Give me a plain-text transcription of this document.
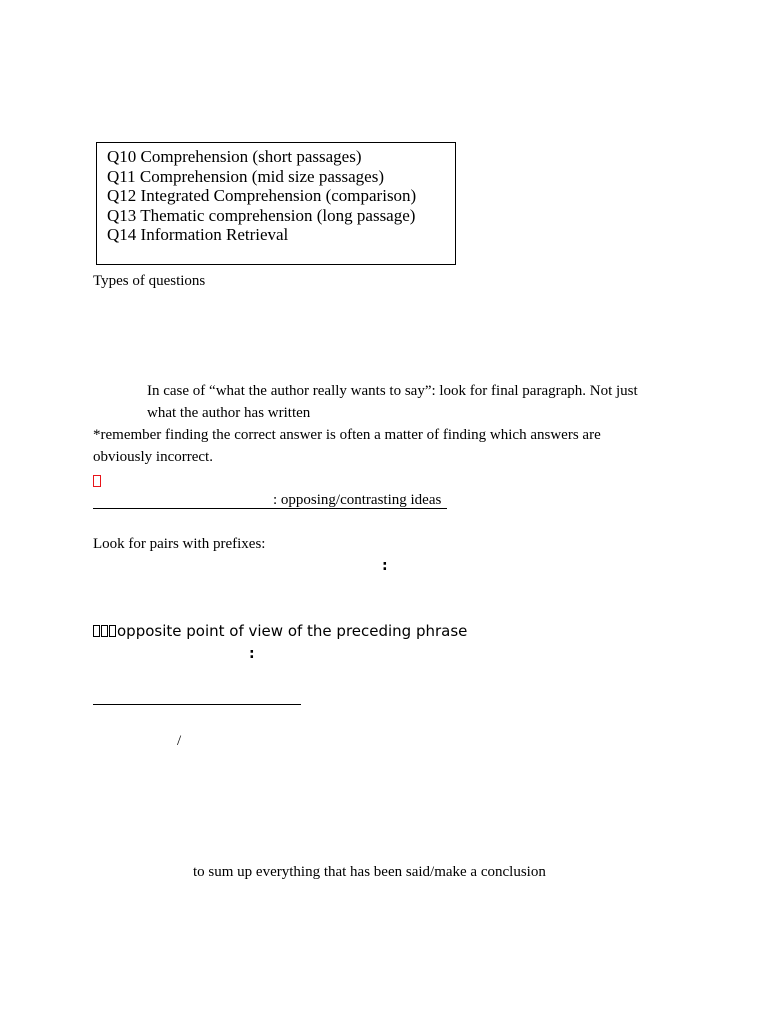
Q10 Comprehension (short passages)
Q11 Comprehension (mid size passages)
Q12 Integrated Comprehension (comparison)
Q13 Thematic comprehension (long passage)
Q14 Information Retrieval
Types of questions
In case of “what the author really wants to say”: look for final paragraph. Not just
what the author has written
*remember finding the correct answer is often a matter of finding which answers are
obviously incorrect.
: opposing/contrasting ideas
Look for pairs with prefixes:
:
opposite point of view of the preceding phrase
:
/
to sum up everything that has been said/make a conclusion
